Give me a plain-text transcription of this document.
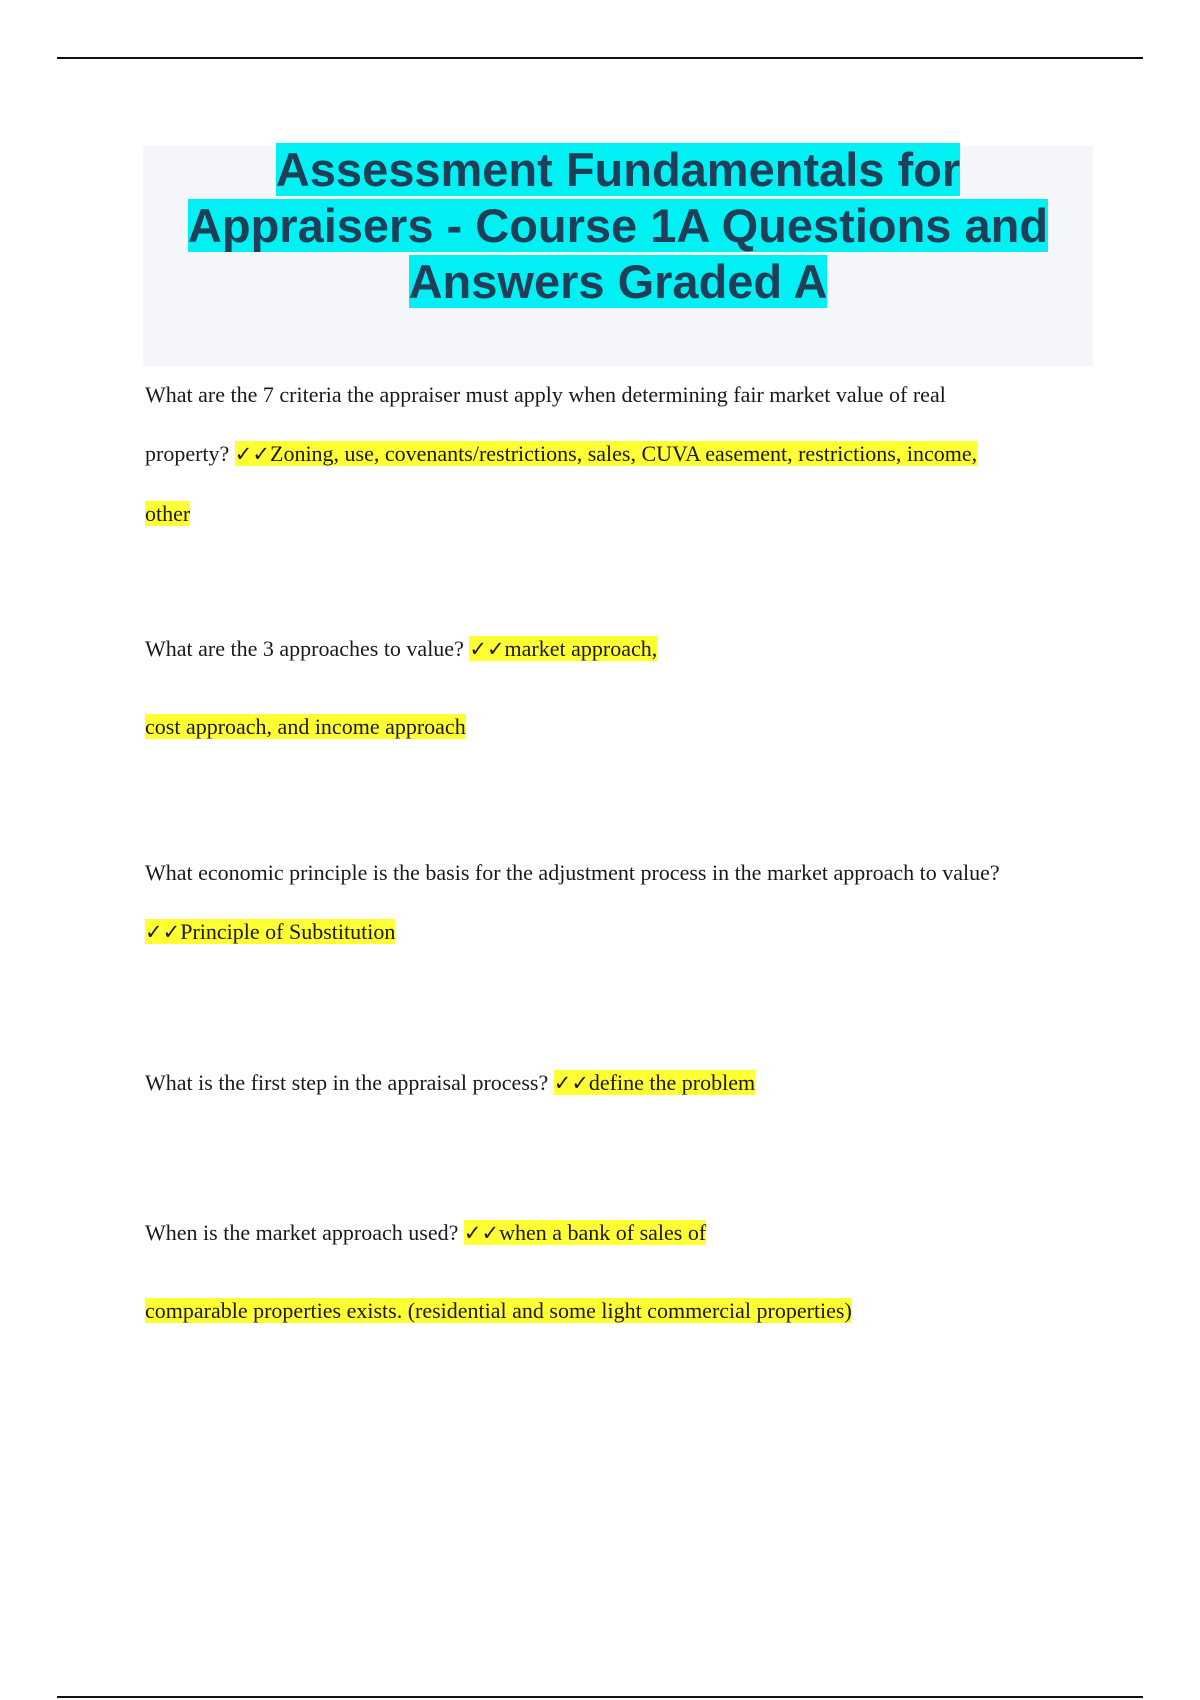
Assessment Fundamentals for
Appraisers - Course 1A Questions and
Answers Graded A
What are the 7 criteria the appraiser must apply when determining fair market value of real
property? ✓✓Zoning, use, covenants/restrictions, sales, CUVA easement, restrictions, income,
other
What are the 3 approaches to value? ✓✓market approach,
cost approach, and income approach
What economic principle is the basis for the adjustment process in the market approach to value?
✓✓Principle of Substitution
What is the first step in the appraisal process? ✓✓define the problem
When is the market approach used? ✓✓when a bank of sales of
comparable properties exists. (residential and some light commercial properties)
